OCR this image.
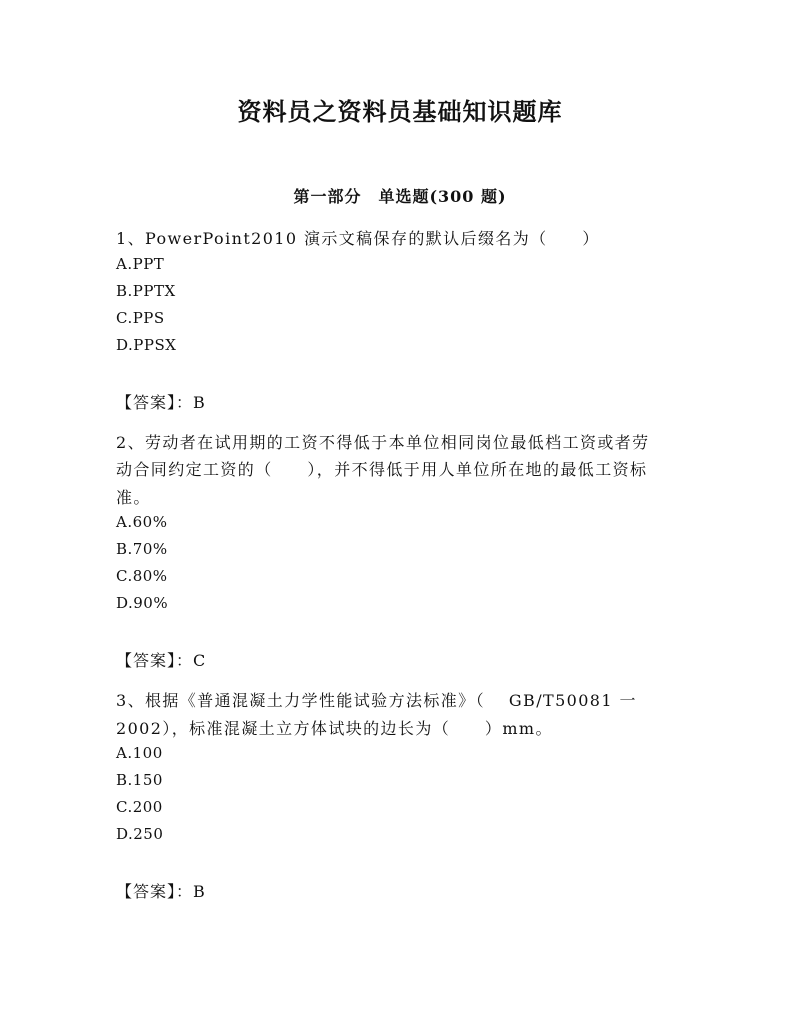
资料员之资料员基础知识题库
第一部分　单选题(300 题)
1、PowerPoint2010 演示文稿保存的默认后缀名为（　　）
A.PPT
B.PPTX
C.PPS
D.PPSX
【答案】：B
2、劳动者在试用期的工资不得低于本单位相同岗位最低档工资或者劳
动合同约定工资的（　　），并不得低于用人单位所在地的最低工资标
准。
A.60%
B.70%
C.80%
D.90%
【答案】：C
3、根据《普通混凝土力学性能试验方法标准》（　 GB/T50081 一
2002），标准混凝土立方体试块的边长为（　　）mm。
A.100
B.150
C.200
D.250
【答案】：B
